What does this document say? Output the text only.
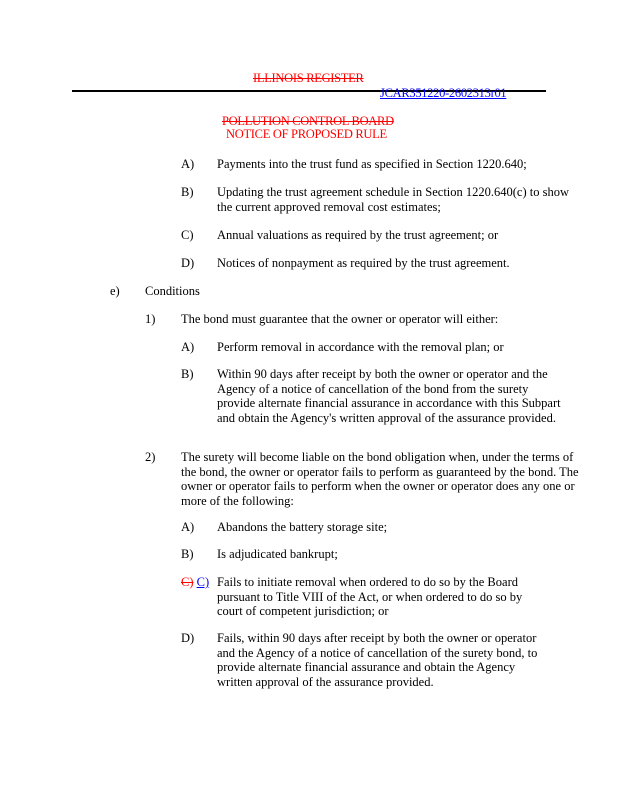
ILLINOIS REGISTER
JCAR351220-2602313r01
POLLUTION CONTROL BOARD
NOTICE OF PROPOSED RULE
A) Payments into the trust fund as specified in Section 1220.640;
B) Updating the trust agreement schedule in Section 1220.640(c) to show the current approved removal cost estimates;
C) Annual valuations as required by the trust agreement; or
D) Notices of nonpayment as required by the trust agreement.
e) Conditions
1) The bond must guarantee that the owner or operator will either:
A) Perform removal in accordance with the removal plan; or
B) Within 90 days after receipt by both the owner or operator and the Agency of a notice of cancellation of the bond from the surety provide alternate financial assurance in accordance with this Subpart and obtain the Agency's written approval of the assurance provided.
2) The surety will become liable on the bond obligation when, under the terms of the bond, the owner or operator fails to perform as guaranteed by the bond. The owner or operator fails to perform when the owner or operator does any one or more of the following:
A) Abandons the battery storage site;
B) Is adjudicated bankrupt;
C) C) Fails to initiate removal when ordered to do so by the Board pursuant to Title VIII of the Act, or when ordered to do so by court of competent jurisdiction; or
D) Fails, within 90 days after receipt by both the owner or operator and the Agency of a notice of cancellation of the surety bond, to provide alternate financial assurance and obtain the Agency written approval of the assurance provided.
